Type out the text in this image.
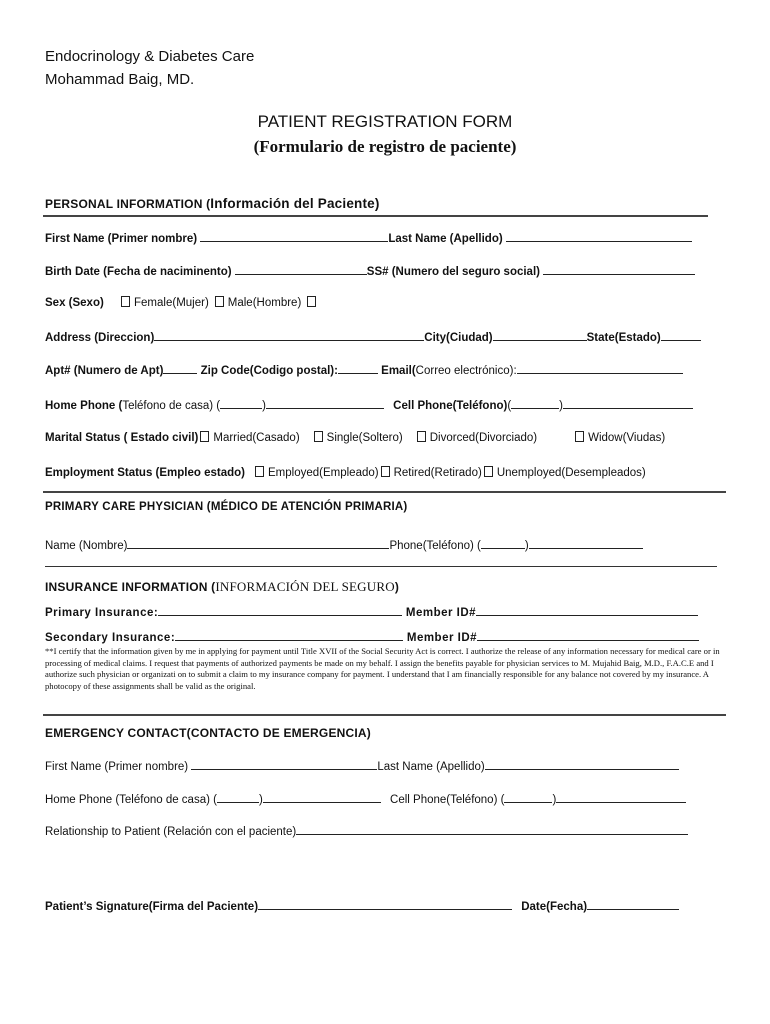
Endocrinology & Diabetes Care
Mohammad Baig, MD.
PATIENT REGISTRATION FORM
(Formulario de registro de paciente)
PERSONAL INFORMATION (Información del Paciente)
First Name (Primer nombre)	Last Name (Apellido)
Birth Date (Fecha de naciminento)	SS# (Numero del seguro social)
Sex (Sexo)	Female(Mujer) Male(Hombre)
Address (Direccion)	City(Ciudad)	State(Estado)
Apt# (Numero de Apt)	Zip Code(Codigo postal):	Email(Correo electrónico):
Home Phone (Teléfono de casa) (	)	Cell Phone(Teléfono)(	)
Marital Status ( Estado civil) Married(Casado) Single(Soltero) Divorced(Divorciado)	Widow(Viudas)
Employment Status (Empleo estado) Employed(Empleado) Retired(Retirado) Unemployed(Desempleados)
PRIMARY CARE PHYSICIAN (MÉDICO DE ATENCIÓN PRIMARIA)
Name (Nombre)	Phone(Teléfono) (	)
INSURANCE INFORMATION (INFORMACIÓN DEL SEGURO)
Primary Insurance:	Member ID#
Secondary Insurance:	Member ID#
**I certify that the information given by me in applying for payment until Title XVII of the Social Security Act is correct. I authorize the release of any information necessary for medical care or in processing of medical claims. I request that payments of authorized payments be made on my behalf. I assign the benefits payable for physician services to M. Mujahid Baig, M.D., F.A.C.E and I authorize such physician or organizati on to submit a claim to my insurance company for payment. I understand that I am financially responsible for any balance not covered by my insurance. A photocopy of these assignments shall be valid as the original.
EMERGENCY CONTACT(CONTACTO DE EMERGENCIA)
First Name (Primer nombre)	Last Name (Apellido)
Home Phone (Teléfono de casa) (	)	Cell Phone(Teléfono) (	)
Relationship to Patient (Relación con el paciente)
Patient’s Signature(Firma del Paciente)	Date(Fecha)
